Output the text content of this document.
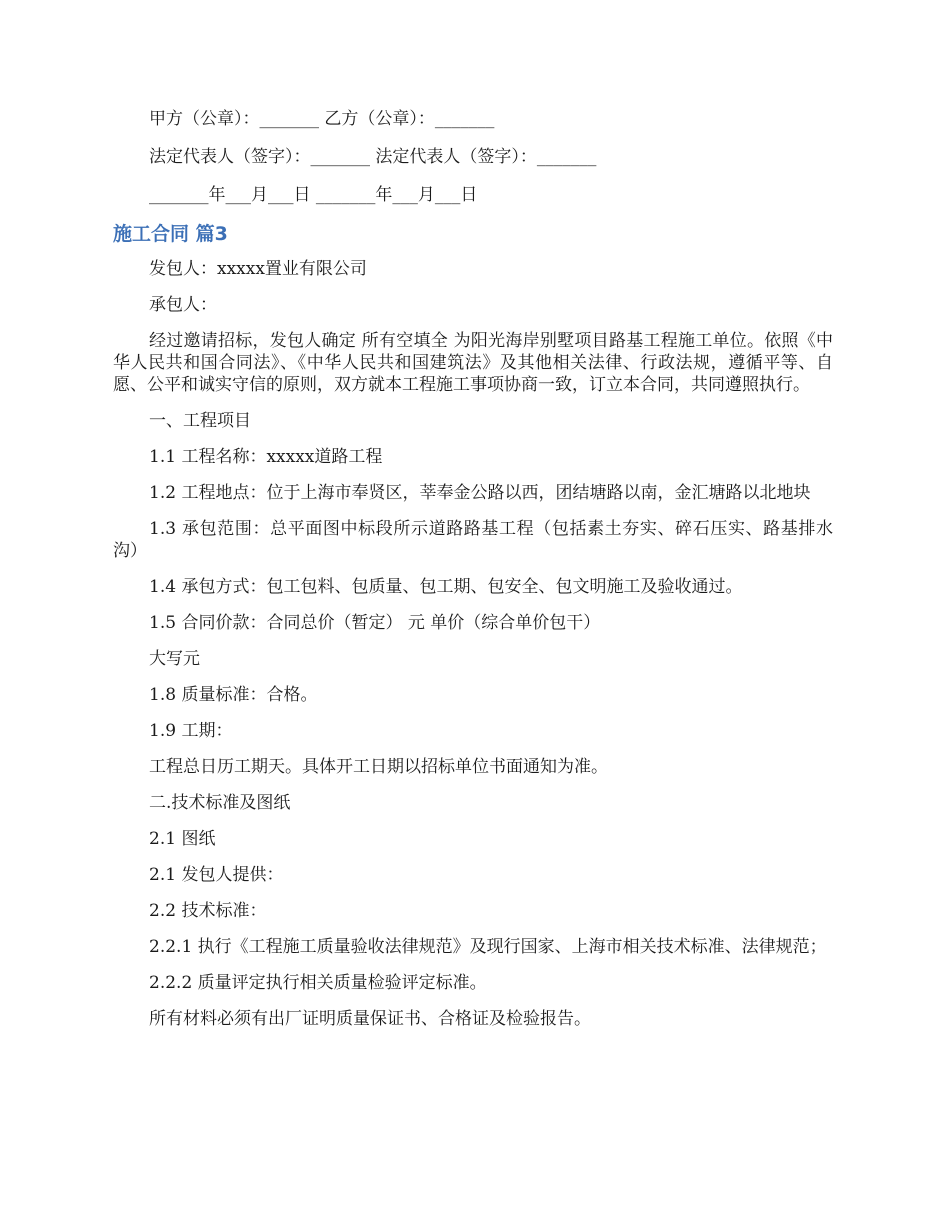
甲方（公章）：_______ 乙方（公章）：_______

法定代表人（签字）：_______ 法定代表人（签字）：_______

_______年___月___日 _______年___月___日

施工合同 篇3

发包人：xxxxx置业有限公司

承包人：

经过邀请招标，发包人确定 所有空填全 为阳光海岸别墅项目路基工程施工单位。依照《中华人民共和国合同法》、《中华人民共和国建筑法》及其他相关法律、行政法规，遵循平等、自愿、公平和诚实守信的原则，双方就本工程施工事项协商一致，订立本合同，共同遵照执行。

一、工程项目

1.1 工程名称：xxxxx道路工程

1.2 工程地点：位于上海市奉贤区，莘奉金公路以西，团结塘路以南，金汇塘路以北地块

1.3 承包范围：总平面图中标段所示道路路基工程（包括素土夯实、碎石压实、路基排水沟）

1.4 承包方式：包工包料、包质量、包工期、包安全、包文明施工及验收通过。

1.5 合同价款：合同总价（暂定） 元 单价（综合单价包干）

大写元

1.8 质量标准：合格。

1.9 工期：

工程总日历工期天。具体开工日期以招标单位书面通知为准。

二.技术标准及图纸

2.1 图纸

2.1 发包人提供：

2.2 技术标准：

2.2.1 执行《工程施工质量验收法律规范》及现行国家、上海市相关技术标准、法律规范；

2.2.2 质量评定执行相关质量检验评定标准。

所有材料必须有出厂证明质量保证书、合格证及检验报告。
